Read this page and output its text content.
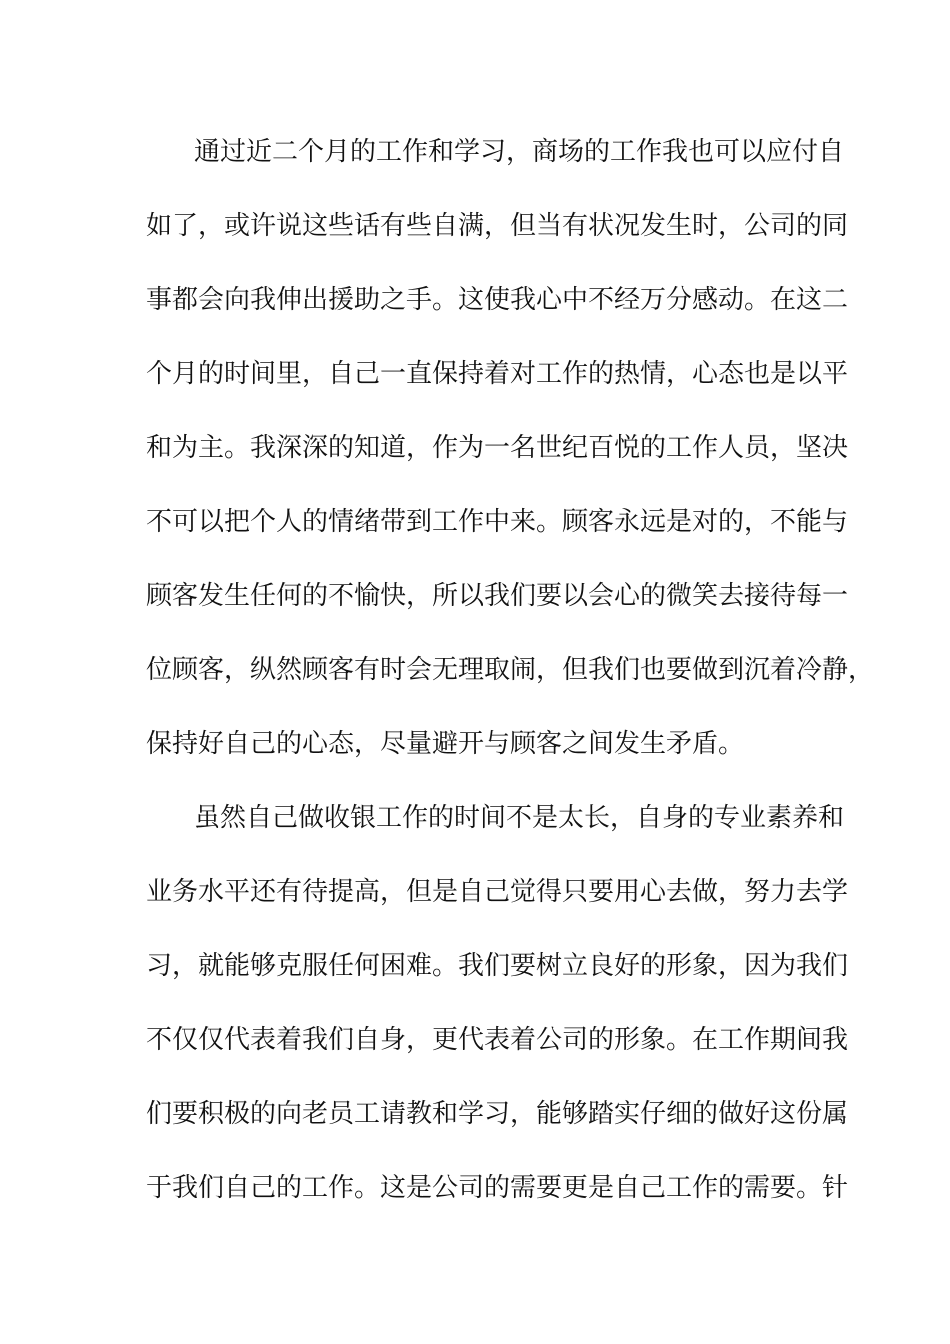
通过近二个月的工作和学习，商场的工作我也可以应付自
如了，或许说这些话有些自满，但当有状况发生时，公司的同
事都会向我伸出援助之手。这使我心中不经万分感动。在这二
个月的时间里，自己一直保持着对工作的热情，心态也是以平
和为主。我深深的知道，作为一名世纪百悦的工作人员，坚决
不可以把个人的情绪带到工作中来。顾客永远是对的，不能与
顾客发生任何的不愉快，所以我们要以会心的微笑去接待每一
位顾客，纵然顾客有时会无理取闹，但我们也要做到沉着冷静，
保持好自己的心态，尽量避开与顾客之间发生矛盾。
虽然自己做收银工作的时间不是太长，自身的专业素养和
业务水平还有待提高，但是自己觉得只要用心去做，努力去学
习，就能够克服任何困难。我们要树立良好的形象，因为我们
不仅仅代表着我们自身，更代表着公司的形象。在工作期间我
们要积极的向老员工请教和学习，能够踏实仔细的做好这份属
于我们自己的工作。这是公司的需要更是自己工作的需要。针
